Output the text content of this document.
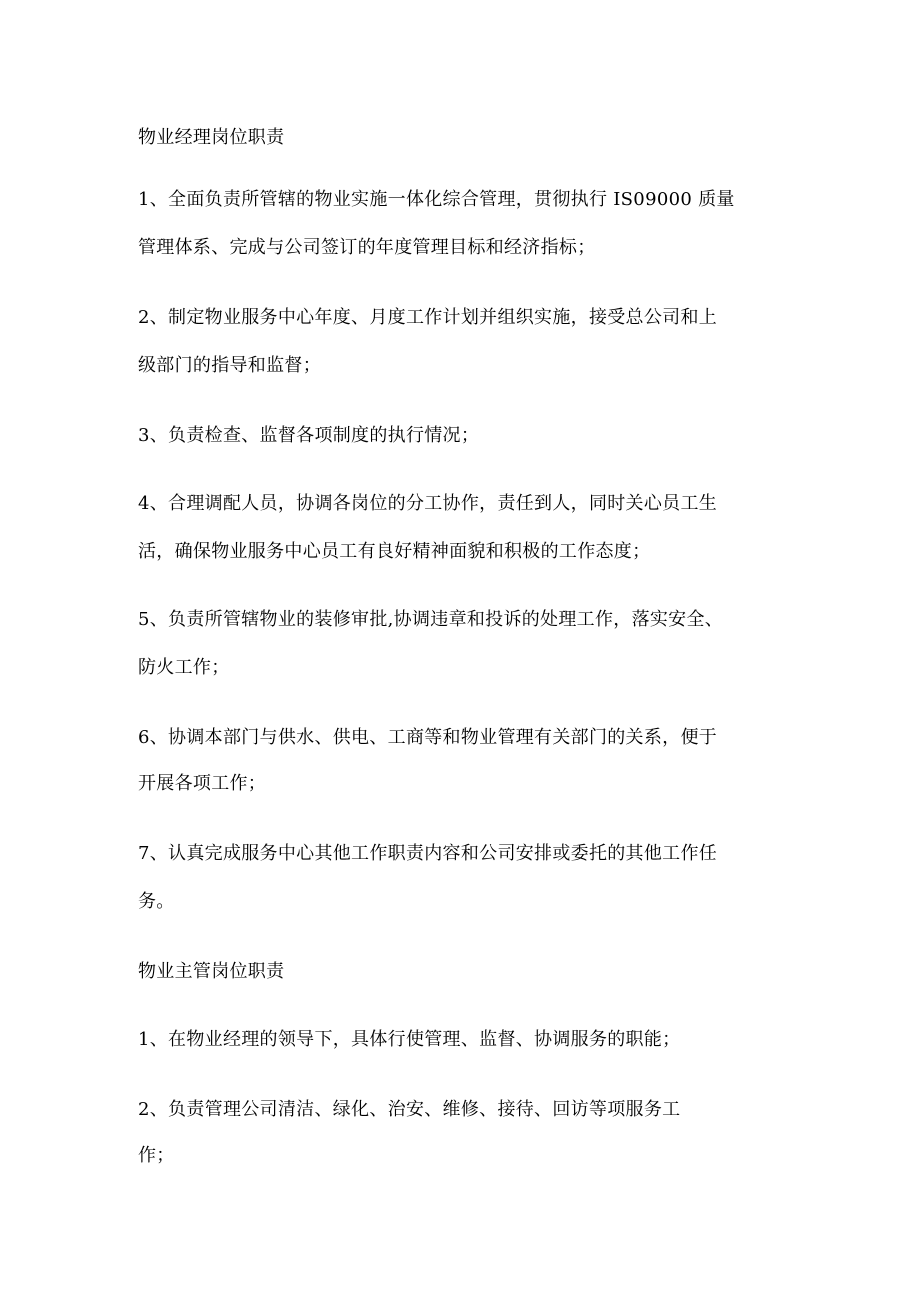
物业经理岗位职责
1、全面负责所管辖的物业实施一体化综合管理，贯彻执行 IS09000 质量
管理体系、完成与公司签订的年度管理目标和经济指标；
2、制定物业服务中心年度、月度工作计划并组织实施，接受总公司和上
级部门的指导和监督；
3、负责检查、监督各项制度的执行情况；
4、合理调配人员，协调各岗位的分工协作，责任到人，同时关心员工生
活，确保物业服务中心员工有良好精神面貌和积极的工作态度；
5、负责所管辖物业的装修审批,协调违章和投诉的处理工作，落实安全、
防火工作；
6、协调本部门与供水、供电、工商等和物业管理有关部门的关系，便于
开展各项工作；
7、认真完成服务中心其他工作职责内容和公司安排或委托的其他工作任
务。
物业主管岗位职责
1、在物业经理的领导下，具体行使管理、监督、协调服务的职能；
2、负责管理公司清洁、绿化、治安、维修、接待、回访等项服务工
作；
